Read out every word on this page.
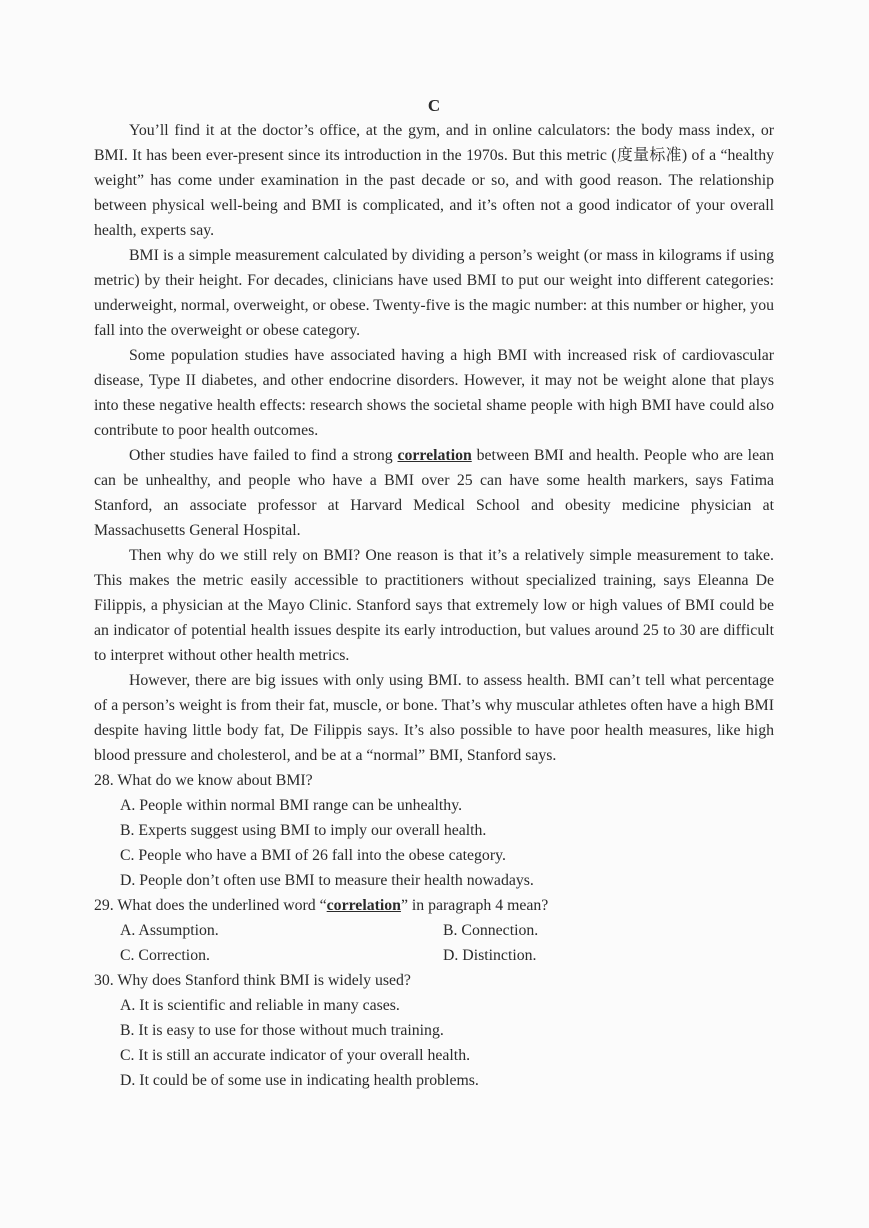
C

You’ll find it at the doctor’s office, at the gym, and in online calculators: the body mass index, or BMI. It has been ever-present since its introduction in the 1970s. But this metric (度量标准) of a “healthy weight” has come under examination in the past decade or so, and with good reason. The relationship between physical well-being and BMI is complicated, and it’s often not a good indicator of your overall health, experts say.

BMI is a simple measurement calculated by dividing a person’s weight (or mass in kilograms if using metric) by their height. For decades, clinicians have used BMI to put our weight into different categories: underweight, normal, overweight, or obese. Twenty-five is the magic number: at this number or higher, you fall into the overweight or obese category.

Some population studies have associated having a high BMI with increased risk of cardiovascular disease, Type II diabetes, and other endocrine disorders. However, it may not be weight alone that plays into these negative health effects: research shows the societal shame people with high BMI have could also contribute to poor health outcomes.

Other studies have failed to find a strong correlation between BMI and health. People who are lean can be unhealthy, and people who have a BMI over 25 can have some health markers, says Fatima Stanford, an associate professor at Harvard Medical School and obesity medicine physician at Massachusetts General Hospital.

Then why do we still rely on BMI? One reason is that it’s a relatively simple measurement to take. This makes the metric easily accessible to practitioners without specialized training, says Eleanna De Filippis, a physician at the Mayo Clinic. Stanford says that extremely low or high values of BMI could be an indicator of potential health issues despite its early introduction, but values around 25 to 30 are difficult to interpret without other health metrics.

However, there are big issues with only using BMI. to assess health. BMI can’t tell what percentage of a person’s weight is from their fat, muscle, or bone. That’s why muscular athletes often have a high BMI despite having little body fat, De Filippis says. It’s also possible to have poor health measures, like high blood pressure and cholesterol, and be at a “normal” BMI, Stanford says.

28. What do we know about BMI?
A. People within normal BMI range can be unhealthy.
B. Experts suggest using BMI to imply our overall health.
C. People who have a BMI of 26 fall into the obese category.
D. People don’t often use BMI to measure their health nowadays.
29. What does the underlined word “correlation” in paragraph 4 mean?
A. Assumption.	B. Connection.
C. Correction.	D. Distinction.
30. Why does Stanford think BMI is widely used?
A. It is scientific and reliable in many cases.
B. It is easy to use for those without much training.
C. It is still an accurate indicator of your overall health.
D. It could be of some use in indicating health problems.
